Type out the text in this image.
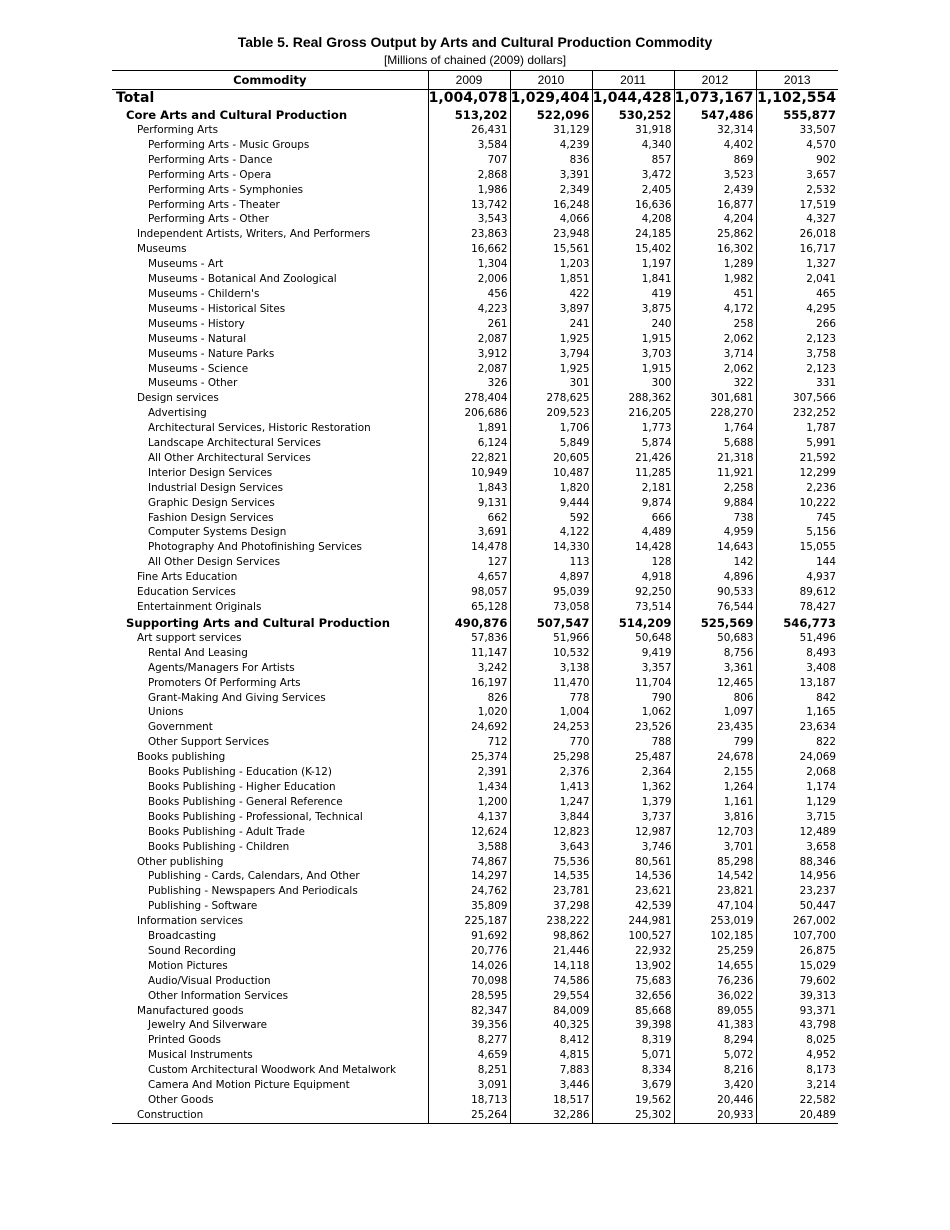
Table 5. Real Gross Output by Arts and Cultural Production Commodity
[Millions of chained (2009) dollars]
Commodity	2009	2010	2011	2012	2013
Total	1,004,078	1,029,404	1,044,428	1,073,167	1,102,554
Core Arts and Cultural Production	513,202	522,096	530,252	547,486	555,877
Performing Arts	26,431	31,129	31,918	32,314	33,507
Performing Arts - Music Groups	3,584	4,239	4,340	4,402	4,570
Performing Arts - Dance	707	836	857	869	902
Performing Arts - Opera	2,868	3,391	3,472	3,523	3,657
Performing Arts - Symphonies	1,986	2,349	2,405	2,439	2,532
Performing Arts - Theater	13,742	16,248	16,636	16,877	17,519
Performing Arts - Other	3,543	4,066	4,208	4,204	4,327
Independent Artists, Writers, And Performers	23,863	23,948	24,185	25,862	26,018
Museums	16,662	15,561	15,402	16,302	16,717
Museums - Art	1,304	1,203	1,197	1,289	1,327
Museums - Botanical And Zoological	2,006	1,851	1,841	1,982	2,041
Museums - Childern's	456	422	419	451	465
Museums - Historical Sites	4,223	3,897	3,875	4,172	4,295
Museums - History	261	241	240	258	266
Museums - Natural	2,087	1,925	1,915	2,062	2,123
Museums - Nature Parks	3,912	3,794	3,703	3,714	3,758
Museums - Science	2,087	1,925	1,915	2,062	2,123
Museums - Other	326	301	300	322	331
Design services	278,404	278,625	288,362	301,681	307,566
Advertising	206,686	209,523	216,205	228,270	232,252
Architectural Services, Historic Restoration	1,891	1,706	1,773	1,764	1,787
Landscape Architectural Services	6,124	5,849	5,874	5,688	5,991
All Other Architectural Services	22,821	20,605	21,426	21,318	21,592
Interior Design Services	10,949	10,487	11,285	11,921	12,299
Industrial Design Services	1,843	1,820	2,181	2,258	2,236
Graphic Design Services	9,131	9,444	9,874	9,884	10,222
Fashion Design Services	662	592	666	738	745
Computer Systems Design	3,691	4,122	4,489	4,959	5,156
Photography And Photofinishing Services	14,478	14,330	14,428	14,643	15,055
All Other Design Services	127	113	128	142	144
Fine Arts Education	4,657	4,897	4,918	4,896	4,937
Education Services	98,057	95,039	92,250	90,533	89,612
Entertainment Originals	65,128	73,058	73,514	76,544	78,427
Supporting Arts and Cultural Production	490,876	507,547	514,209	525,569	546,773
Art support services	57,836	51,966	50,648	50,683	51,496
Rental And Leasing	11,147	10,532	9,419	8,756	8,493
Agents/Managers For Artists	3,242	3,138	3,357	3,361	3,408
Promoters Of Performing Arts	16,197	11,470	11,704	12,465	13,187
Grant-Making And Giving Services	826	778	790	806	842
Unions	1,020	1,004	1,062	1,097	1,165
Government	24,692	24,253	23,526	23,435	23,634
Other Support Services	712	770	788	799	822
Books publishing	25,374	25,298	25,487	24,678	24,069
Books Publishing - Education (K-12)	2,391	2,376	2,364	2,155	2,068
Books Publishing - Higher Education	1,434	1,413	1,362	1,264	1,174
Books Publishing - General Reference	1,200	1,247	1,379	1,161	1,129
Books Publishing - Professional, Technical	4,137	3,844	3,737	3,816	3,715
Books Publishing - Adult Trade	12,624	12,823	12,987	12,703	12,489
Books Publishing - Children	3,588	3,643	3,746	3,701	3,658
Other publishing	74,867	75,536	80,561	85,298	88,346
Publishing - Cards, Calendars, And Other	14,297	14,535	14,536	14,542	14,956
Publishing - Newspapers And Periodicals	24,762	23,781	23,621	23,821	23,237
Publishing - Software	35,809	37,298	42,539	47,104	50,447
Information services	225,187	238,222	244,981	253,019	267,002
Broadcasting	91,692	98,862	100,527	102,185	107,700
Sound Recording	20,776	21,446	22,932	25,259	26,875
Motion Pictures	14,026	14,118	13,902	14,655	15,029
Audio/Visual Production	70,098	74,586	75,683	76,236	79,602
Other Information Services	28,595	29,554	32,656	36,022	39,313
Manufactured goods	82,347	84,009	85,668	89,055	93,371
Jewelry And Silverware	39,356	40,325	39,398	41,383	43,798
Printed Goods	8,277	8,412	8,319	8,294	8,025
Musical Instruments	4,659	4,815	5,071	5,072	4,952
Custom Architectural Woodwork And Metalwork	8,251	7,883	8,334	8,216	8,173
Camera And Motion Picture Equipment	3,091	3,446	3,679	3,420	3,214
Other Goods	18,713	18,517	19,562	20,446	22,582
Construction	25,264	32,286	25,302	20,933	20,489
